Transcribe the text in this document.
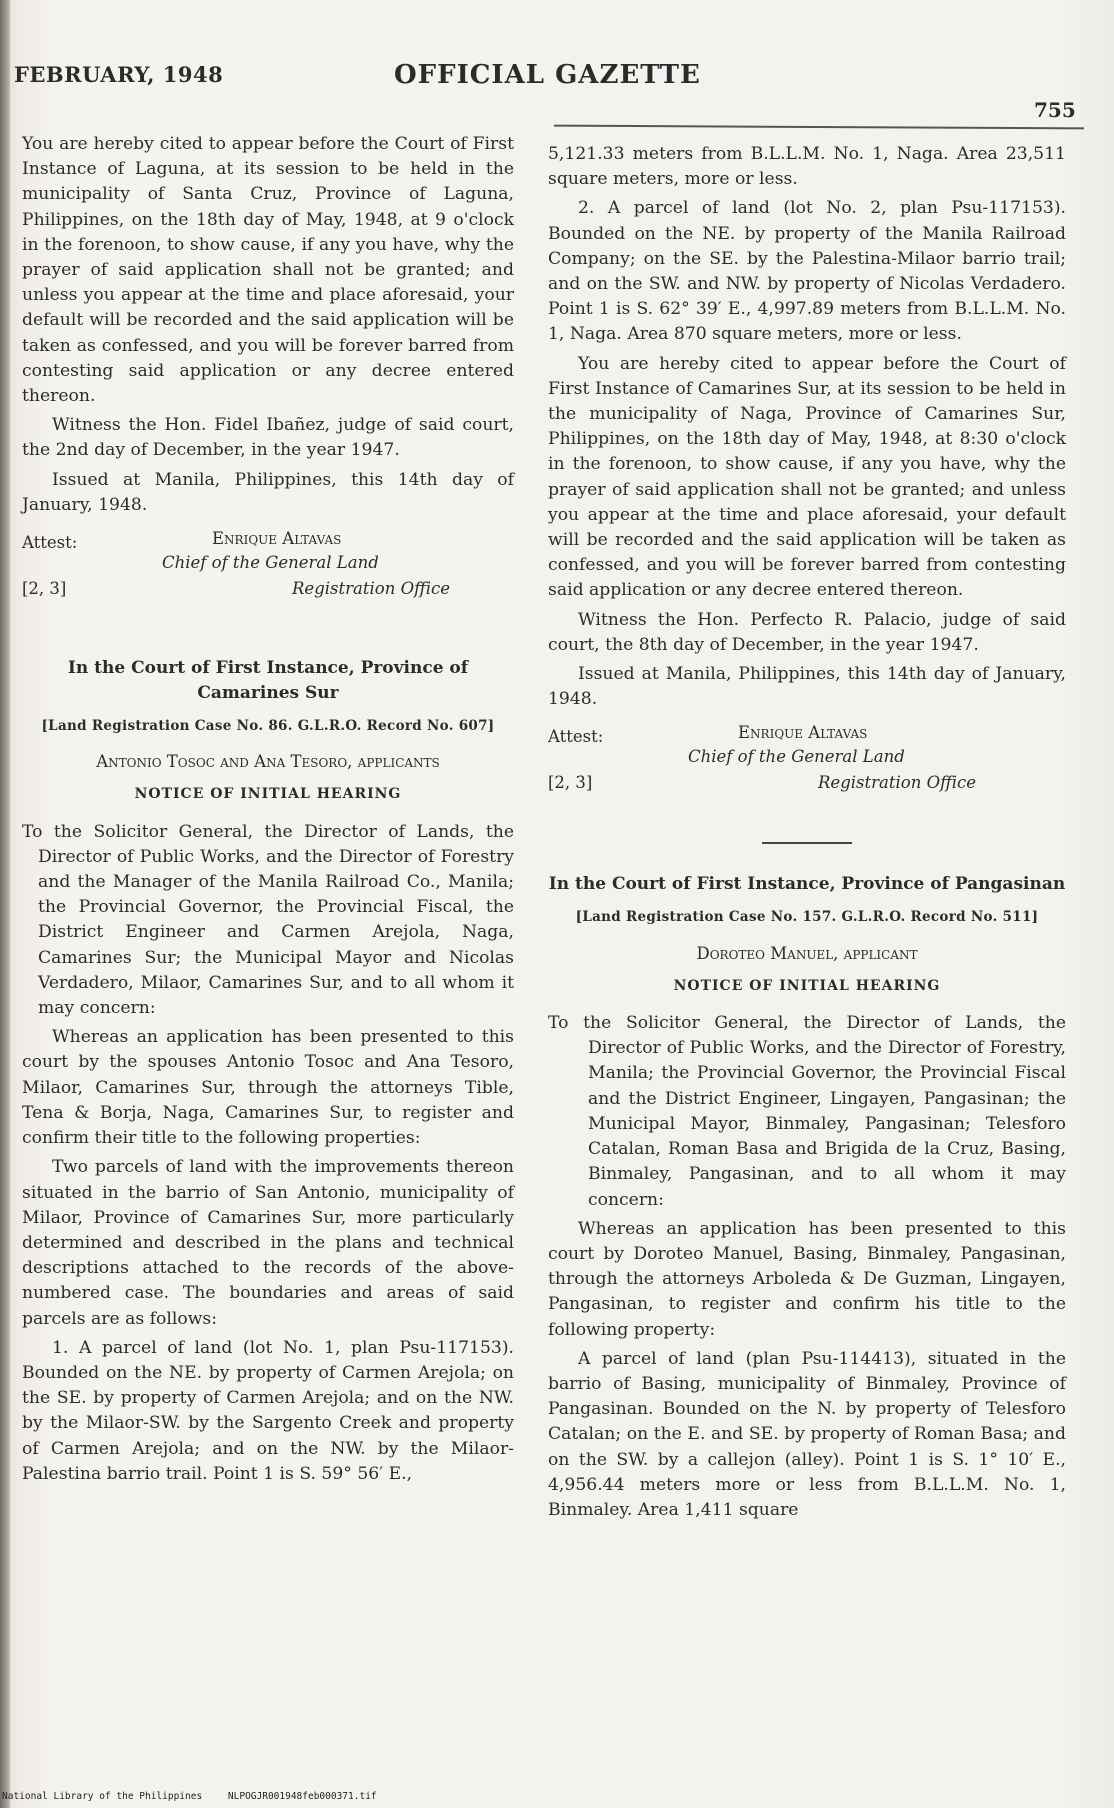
FEBRUARY, 1948	OFFICIAL GAZETTE
755

You are hereby cited to appear before the Court of First Instance of Laguna, at its session to be held in the municipality of Santa Cruz, Province of Laguna, Philippines, on the 18th day of May, 1948, at 9 o'clock in the forenoon, to show cause, if any you have, why the prayer of said application shall not be granted; and unless you appear at the time and place aforesaid, your default will be recorded and the said application will be taken as confessed, and you will be forever barred from contesting said application or any decree entered thereon.

Witness the Hon. Fidel Ibañez, judge of said court, the 2nd day of December, in the year 1947.

Issued at Manila, Philippines, this 14th day of January, 1948.

Attest:	Enrique Altavas
Chief of the General Land
[2, 3]	Registration Office
In the Court of First Instance, Province of Camarines Sur
[Land Registration Case No. 86. G.L.R.O. Record No. 607]
Antonio Tosoc and Ana Tesoro, applicants
NOTICE OF INITIAL HEARING

To the Solicitor General, the Director of Lands, the Director of Public Works, and the Director of Forestry and the Manager of the Manila Railroad Co., Manila; the Provincial Governor, the Provincial Fiscal, the District Engineer and Carmen Arejola, Naga, Camarines Sur; the Municipal Mayor and Nicolas Verdadero, Milaor, Camarines Sur, and to all whom it may concern:

Whereas an application has been presented to this court by the spouses Antonio Tosoc and Ana Tesoro, Milaor, Camarines Sur, through the attorneys Tible, Tena & Borja, Naga, Camarines Sur, to register and confirm their title to the following properties:

Two parcels of land with the improvements thereon situated in the barrio of San Antonio, municipality of Milaor, Province of Camarines Sur, more particularly determined and described in the plans and technical descriptions attached to the records of the above-numbered case. The boundaries and areas of said parcels are as follows:

1. A parcel of land (lot No. 1, plan Psu-117153). Bounded on the NE. by property of Carmen Arejola; on the SE. by property of Carmen Arejola; and on the NW. by the Milaor-SW. by the Sargento Creek and property of Carmen Arejola; and on the NW. by the Milaor-Palestina barrio trail. Point 1 is S. 59° 56′ E.,

5,121.33 meters from B.L.L.M. No. 1, Naga. Area 23,511 square meters, more or less.

2. A parcel of land (lot No. 2, plan Psu-117153). Bounded on the NE. by property of the Manila Railroad Company; on the SE. by the Palestina-Milaor barrio trail; and on the SW. and NW. by property of Nicolas Verdadero. Point 1 is S. 62° 39′ E., 4,997.89 meters from B.L.L.M. No. 1, Naga. Area 870 square meters, more or less.

You are hereby cited to appear before the Court of First Instance of Camarines Sur, at its session to be held in the municipality of Naga, Province of Camarines Sur, Philippines, on the 18th day of May, 1948, at 8:30 o'clock in the forenoon, to show cause, if any you have, why the prayer of said application shall not be granted; and unless you appear at the time and place aforesaid, your default will be recorded and the said application will be taken as confessed, and you will be forever barred from contesting said application or any decree entered thereon.

Witness the Hon. Perfecto R. Palacio, judge of said court, the 8th day of December, in the year 1947.

Issued at Manila, Philippines, this 14th day of January, 1948.

Attest:	Enrique Altavas
Chief of the General Land
[2, 3]	Registration Office
In the Court of First Instance, Province of Pangasinan
[Land Registration Case No. 157. G.L.R.O. Record No. 511]
Doroteo Manuel, applicant
NOTICE OF INITIAL HEARING

To the Solicitor General, the Director of Lands, the Director of Public Works, and the Director of Forestry, Manila; the Provincial Governor, the Provincial Fiscal and the District Engineer, Lingayen, Pangasinan; the Municipal Mayor, Binmaley, Pangasinan; Telesforo Catalan, Roman Basa and Brigida de la Cruz, Basing, Binmaley, Pangasinan, and to all whom it may concern:

Whereas an application has been presented to this court by Doroteo Manuel, Basing, Binmaley, Pangasinan, through the attorneys Arboleda & De Guzman, Lingayen, Pangasinan, to register and confirm his title to the following property:

A parcel of land (plan Psu-114413), situated in the barrio of Basing, municipality of Binmaley, Province of Pangasinan. Bounded on the N. by property of Telesforo Catalan; on the E. and SE. by property of Roman Basa; and on the SW. by a callejon (alley). Point 1 is S. 1° 10′ E., 4,956.44 meters more or less from B.L.L.M. No. 1, Binmaley. Area 1,411 square

National Library of the Philippines	NLPOGJR001948feb000371.tif
